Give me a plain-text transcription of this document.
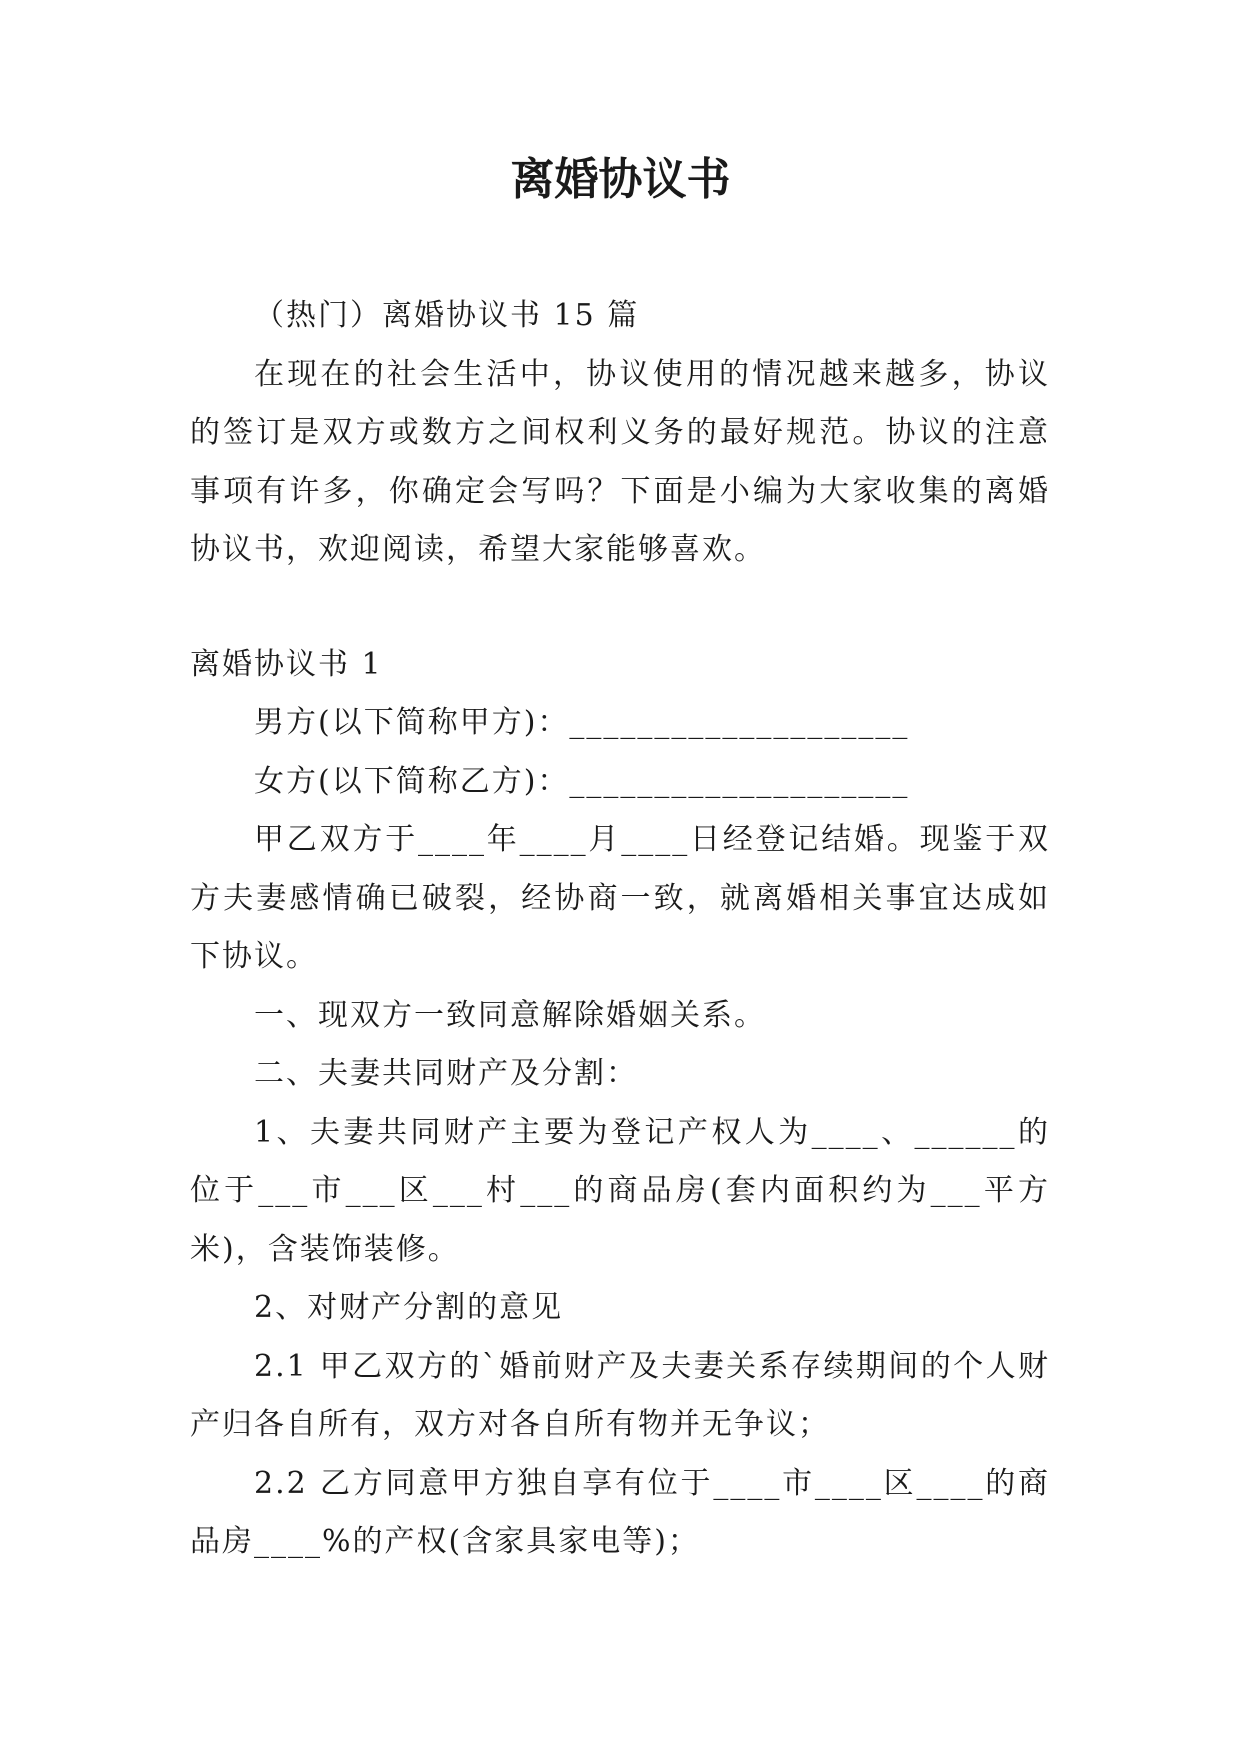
离婚协议书

（热门）离婚协议书 15 篇

在现在的社会生活中，协议使用的情况越来越多，协议的签订是双方或数方之间权利义务的最好规范。协议的注意事项有许多，你确定会写吗？下面是小编为大家收集的离婚协议书，欢迎阅读，希望大家能够喜欢。

离婚协议书 1

男方(以下简称甲方)：____________________

女方(以下简称乙方)：____________________

甲乙双方于____年____月____日经登记结婚。现鉴于双方夫妻感情确已破裂，经协商一致，就离婚相关事宜达成如下协议。

一、现双方一致同意解除婚姻关系。

二、夫妻共同财产及分割：

1、夫妻共同财产主要为登记产权人为____、______的位于___市___区___村___的商品房(套内面积约为___平方米)，含装饰装修。

2、对财产分割的意见

2.1 甲乙双方的`婚前财产及夫妻关系存续期间的个人财产归各自所有，双方对各自所有物并无争议；

2.2 乙方同意甲方独自享有位于____市____区____的商品房____%的产权(含家具家电等)；
